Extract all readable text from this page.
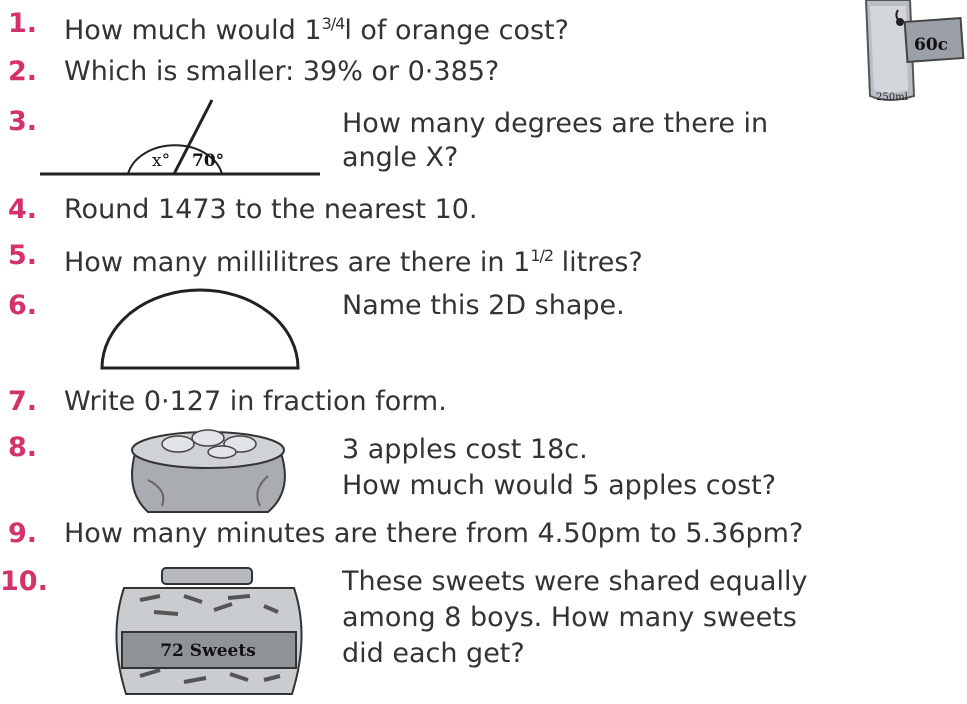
1. How much would $1^{3/4}l$ of orange cost?	60c
250ml
2. Which is smaller: 39% or 0·385?
3.
x° 70°
How many degrees are there in
angle X?
4. Round 1473 to the nearest 10.
5. How many millilitres are there in $1^{1/2}$ litres?
6.	Name this 2D shape.
7. Write 0·127 in fraction form.
8.	3 apples cost 18c.
How much would 5 apples cost?
9. How many minutes are there from 4.50pm to 5.36pm?
10.
72 Sweets
These sweets were shared equally
among 8 boys. How many sweets
did each get?
